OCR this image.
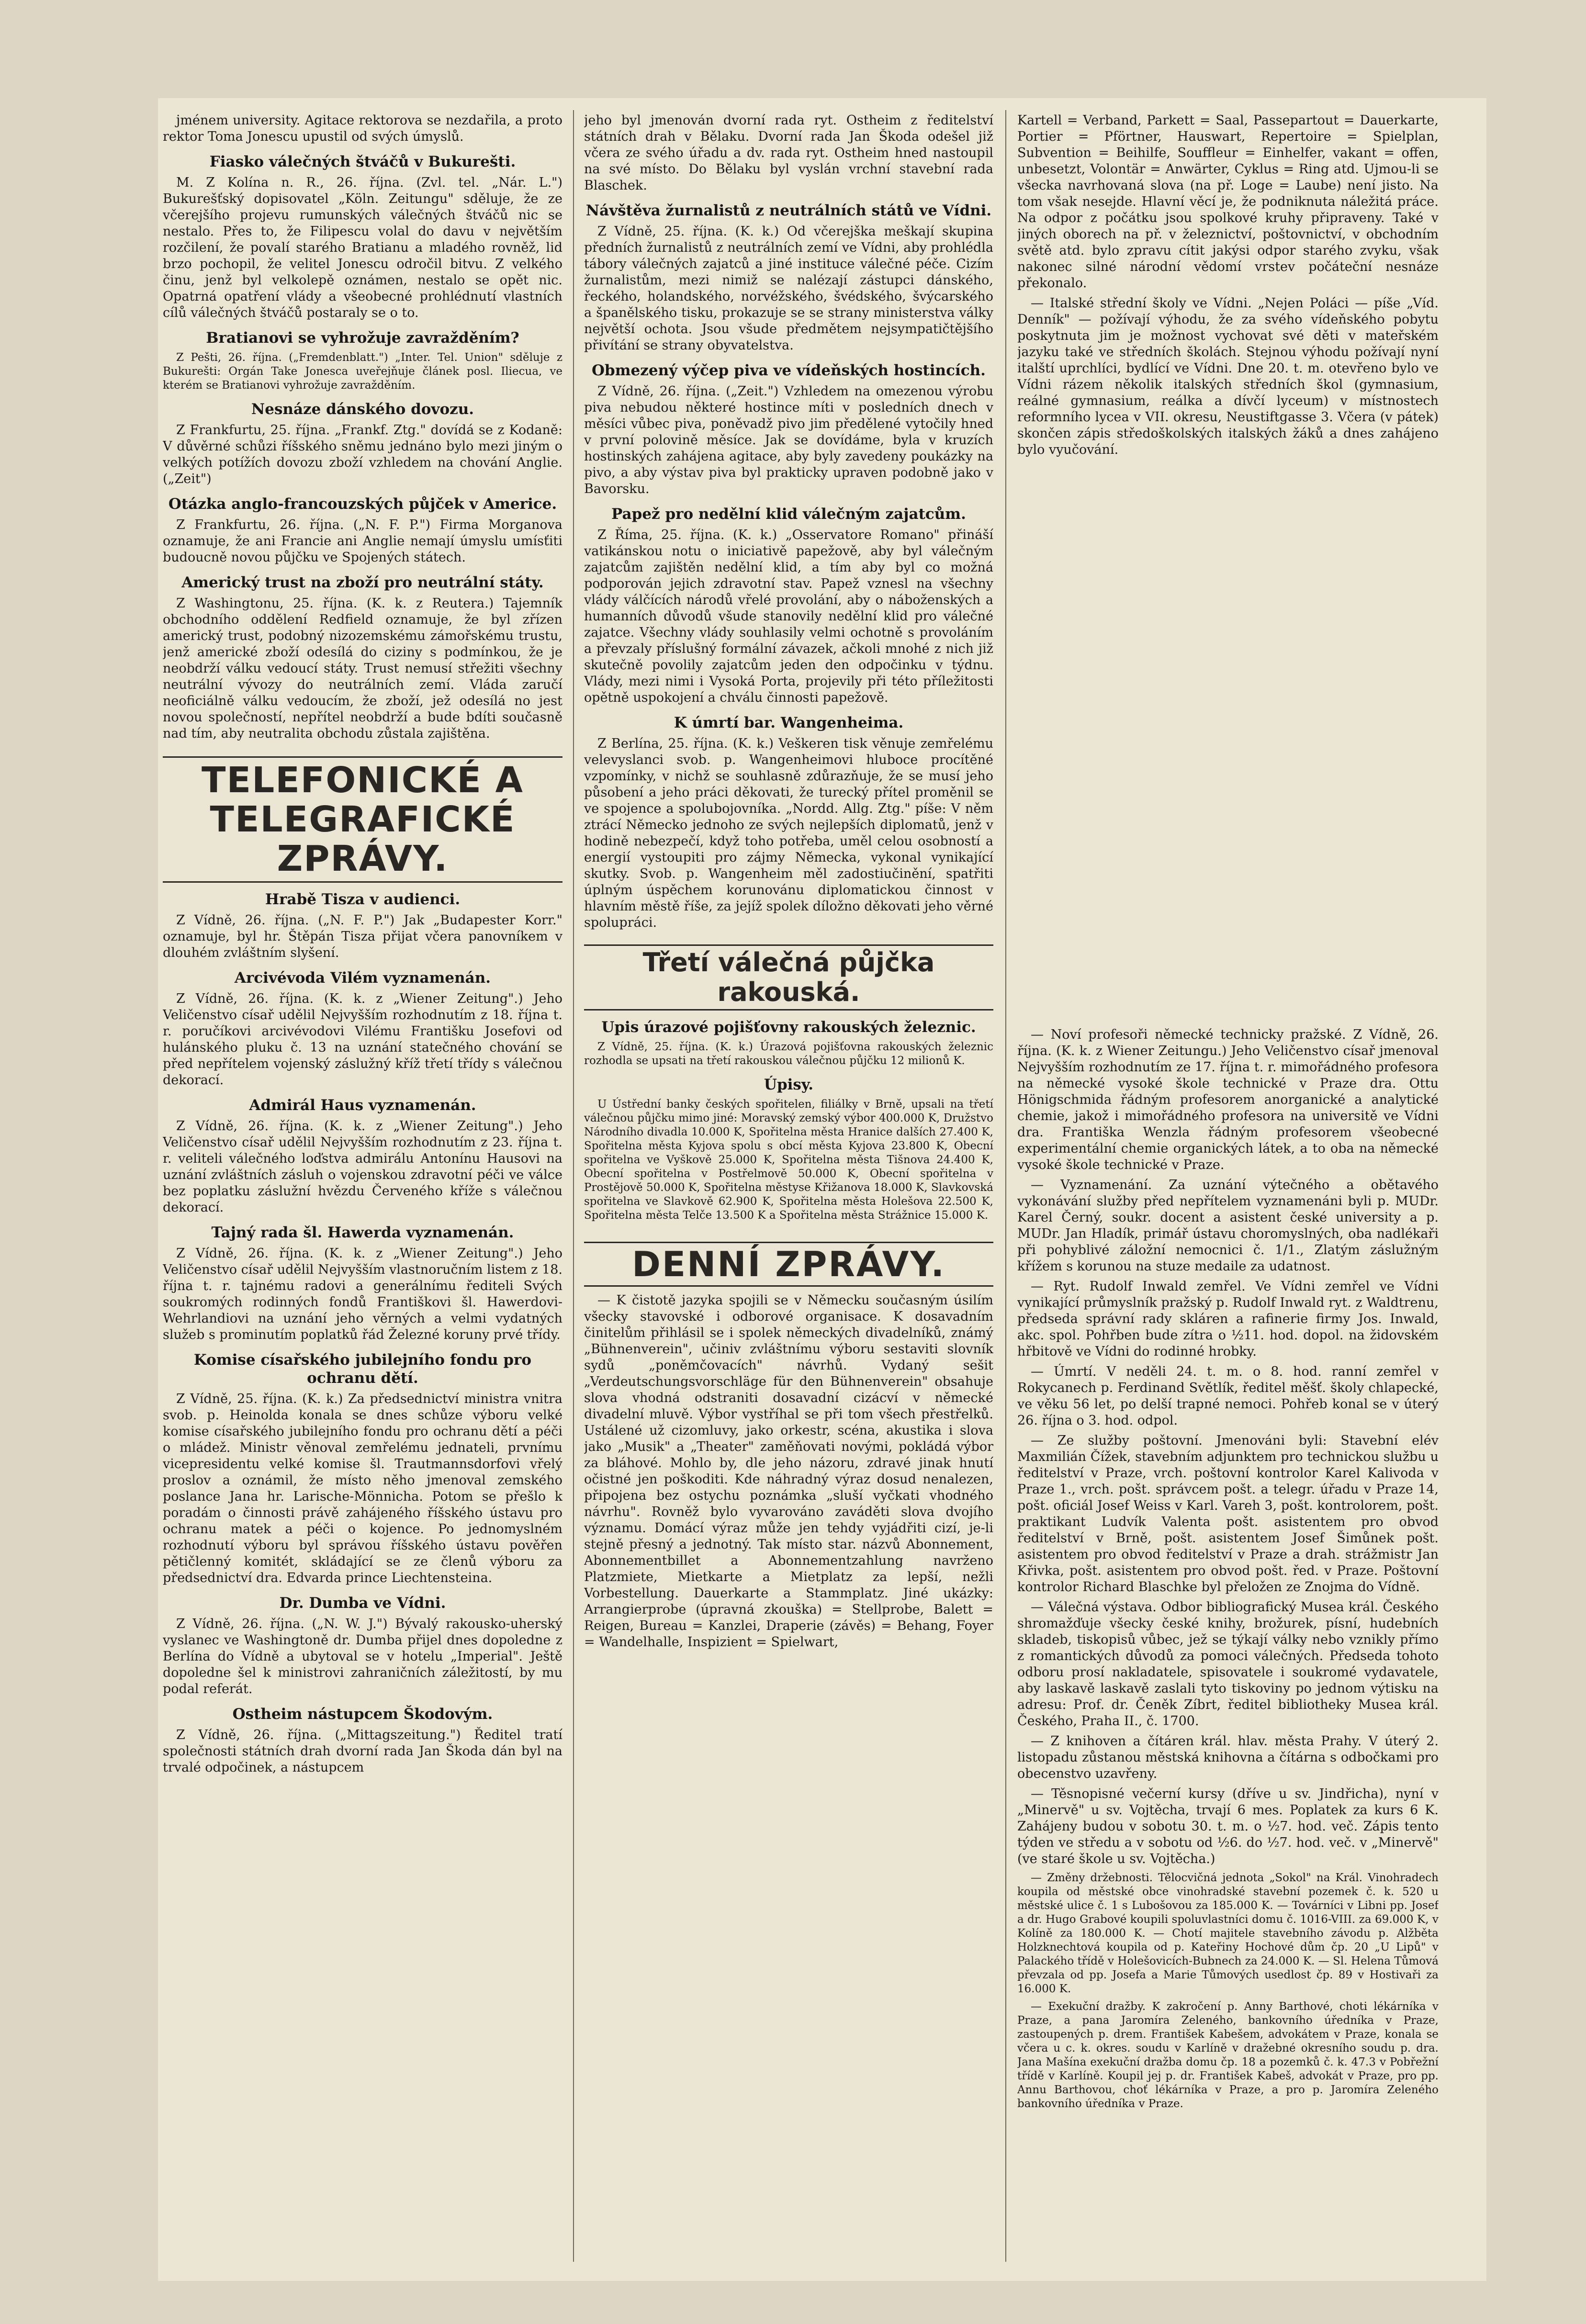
jménem university. Agitace rektorova se nezdařila, a proto rektor Toma Jonescu upustil od svých úmyslů.

Fiasko válečných štváčů v Bukurešti.

M. Z Kolína n. R., 26. října. (Zvl. tel. „Nár. L.") Bukurešťský dopisovatel „Köln. Zeitungu" sděluje, že ze včerejšího projevu rumunských válečných štváčů nic se nestalo. Přes to, že Filipescu volal do davu v největším rozčilení, že povalí starého Bratianu a mladého rovněž, lid brzo pochopil, že velitel Jonescu odročil bitvu. Z velkého činu, jenž byl velkolepě oznámen, nestalo se opět nic. Opatrná opatření vlády a všeobecné prohlédnutí vlastních cílů válečných štváčů postaraly se o to.

Bratianovi se vyhrožuje zavražděním?

Z Pešti, 26. října. („Fremdenblatt.") „Inter. Tel. Union" sděluje z Bukurešti: Orgán Take Jonesca uveřejňuje článek posl. Iliecua, ve kterém se Bratianovi vyhrožuje zavražděním.

Nesnáze dánského dovozu.

Z Frankfurtu, 25. října. „Frankf. Ztg." dovídá se z Kodaně: V důvěrné schůzi říšského sněmu jednáno bylo mezi jiným o velkých potížích dovozu zboží vzhledem na chování Anglie. („Zeit")

Otázka anglo-francouzských půjček v Americe.

Z Frankfurtu, 26. října. („N. F. P.") Firma Morganova oznamuje, že ani Francie ani Anglie nemají úmyslu umísťiti budoucně novou půjčku ve Spojených státech.

Americký trust na zboží pro neutrální státy.

Z Washingtonu, 25. října. (K. k. z Reutera.) Tajemník obchodního oddělení Redfield oznamuje, že byl zřízen americký trust, podobný nizozemskému zámořskému trustu, jenž americké zboží odesílá do ciziny s podmínkou, že je neobdrží válku vedoucí státy. Trust nemusí střežiti všechny neutrální vývozy do neutrálních zemí. Vláda zaručí neoficiálně válku vedoucím, že zboží, jež odesílá no jest novou společností, nepřítel neobdrží a bude bdíti současně nad tím, aby neutralita obchodu zůstala zajištěna.

TELEFONICKÉ A TELEGRAFICKÉ ZPRÁVY.
Hrabě Tisza v audienci.

Z Vídně, 26. října. („N. F. P.") Jak „Budapester Korr." oznamuje, byl hr. Štěpán Tisza přijat včera panovníkem v dlouhém zvláštním slyšení.

Arcivévoda Vilém vyznamenán.

Z Vídně, 26. října. (K. k. z „Wiener Zeitung".) Jeho Veličenstvo císař udělil Nejvyšším rozhodnutím z 18. října t. r. poručíkovi arcivévodovi Vilému Františku Josefovi od hulánského pluku č. 13 na uznání statečného chování se před nepřítelem vojenský záslužný kříž třetí třídy s válečnou dekorací.

Admirál Haus vyznamenán.

Z Vídně, 26. října. (K. k. z „Wiener Zeitung".) Jeho Veličenstvo císař udělil Nejvyšším rozhodnutím z 23. října t. r. veliteli válečného loďstva admirálu Antonínu Hausovi na uznání zvláštních zásluh o vojenskou zdravotní péči ve válce bez poplatku záslužní hvězdu Červeného kříže s válečnou dekorací.

Tajný rada šl. Hawerda vyznamenán.

Z Vídně, 26. října. (K. k. z „Wiener Zeitung".) Jeho Veličenstvo císař udělil Nejvyšším vlastnoručním listem z 18. října t. r. tajnému radovi a generálnímu řediteli Svých soukromých rodinných fondů Františkovi šl. Hawerdovi-Wehrlandiovi na uznání jeho věrných a velmi vydatných služeb s prominutím poplatků řád Železné koruny prvé třídy.

Komise císařského jubilejního fondu pro ochranu dětí.

Z Vídně, 25. října. (K. k.) Za předsednictví ministra vnitra svob. p. Heinolda konala se dnes schůze výboru velké komise císařského jubilejního fondu pro ochranu dětí a péči o mládež. Ministr věnoval zemřelému jednateli, prvnímu vicepresidentu velké komise šl. Trautmannsdorfovi vřelý proslov a oznámil, že místo něho jmenoval zemského poslance Jana hr. Larische-Mönnicha. Potom se přešlo k poradám o činnosti právě zahájeného říšského ústavu pro ochranu matek a péči o kojence. Po jednomyslném rozhodnutí výboru byl správou říšského ústavu pověřen pětičlenný komitét, skládající se ze členů výboru za předsednictví dra. Edvarda prince Liechtensteina.

Dr. Dumba ve Vídni.

Z Vídně, 26. října. („N. W. J.") Bývalý rakousko-uherský vyslanec ve Washingtoně dr. Dumba přijel dnes dopoledne z Berlína do Vídně a ubytoval se v hotelu „Imperial". Ještě dopoledne šel k ministrovi zahraničních záležitostí, by mu podal referát.

Ostheim nástupcem Škodovým.

Z Vídně, 26. října. („Mittagszeitung.") Ředitel tratí společnosti státních drah dvorní rada Jan Škoda dán byl na trvalé odpočinek, a nástupcem

jeho byl jmenován dvorní rada ryt. Ostheim z ředitelství státních drah v Bělaku. Dvorní rada Jan Škoda odešel již včera ze svého úřadu a dv. rada ryt. Ostheim hned nastoupil na své místo. Do Bělaku byl vyslán vrchní stavební rada Blaschek.

Návštěva žurnalistů z neutrálních států ve Vídni.

Z Vídně, 25. října. (K. k.) Od včerejška meškají skupina předních žurnalistů z neutrálních zemí ve Vídni, aby prohlédla tábory válečných zajatců a jiné instituce válečné péče. Cizím žurnalistům, mezi nimiž se nalézají zástupci dánského, řeckého, holandského, norvéžského, švédského, švýcarského a španělského tisku, prokazuje se se strany ministerstva války největší ochota. Jsou všude předmětem nejsympatičtějšího přivítání se strany obyvatelstva.

Obmezený výčep piva ve vídeňských hostincích.

Z Vídně, 26. října. („Zeit.") Vzhledem na omezenou výrobu piva nebudou některé hostince míti v posledních dnech v měsíci vůbec piva, poněvadž pivo jim předělené vytočily hned v první polovině měsíce. Jak se dovídáme, byla v kruzích hostinských zahájena agitace, aby byly zavedeny poukázky na pivo, a aby výstav piva byl prakticky upraven podobně jako v Bavorsku.

Papež pro nedělní klid válečným zajatcům.

Z Říma, 25. října. (K. k.) „Osservatore Romano" přináší vatikánskou notu o iniciativě papežově, aby byl válečným zajatcům zajištěn nedělní klid, a tím aby byl co možná podporován jejich zdravotní stav. Papež vznesl na všechny vlády válčících národů vřelé provolání, aby o náboženských a humanních důvodů všude stanovily nedělní klid pro válečné zajatce. Všechny vlády souhlasily velmi ochotně s provoláním a převzaly příslušný formální závazek, ačkoli mnohé z nich již skutečně povolily zajatcům jeden den odpočinku v týdnu. Vlády, mezi nimi i Vysoká Porta, projevily při této příležitosti opětně uspokojení a chválu činnosti papežově.

K úmrtí bar. Wangenheima.

Z Berlína, 25. října. (K. k.) Veškeren tisk věnuje zemřelému velevyslanci svob. p. Wangenheimovi hluboce procítěné vzpomínky, v nichž se souhlasně zdůrazňuje, že se musí jeho působení a jeho práci děkovati, že turecký přítel proměnil se ve spojence a spolubojovníka. „Nordd. Allg. Ztg." píše: V něm ztrácí Německo jednoho ze svých nejlepších diplomatů, jenž v hodině nebezpečí, když toho potřeba, uměl celou osobností a energií vystoupiti pro zájmy Německa, vykonal vynikající skutky. Svob. p. Wangenheim měl zadostiučinění, spatřiti úplným úspěchem korunovánu diplomatickou činnost v hlavním městě říše, za jejíž spolek díložno děkovati jeho věrné spolupráci.

Třetí válečná půjčka rakouská.
Upis úrazové pojišťovny rakouských železnic.

Z Vídně, 25. října. (K. k.) Úrazová pojišťovna rakouských železnic rozhodla se upsati na třetí rakouskou válečnou půjčku 12 milionů K.

Úpisy.

U Ústřední banky českých spořitelen, filiálky v Brně, upsali na třetí válečnou půjčku mimo jiné: Moravský zemský výbor 400.000 K, Družstvo Národního divadla 10.000 K, Spořitelna města Hranice dalších 27.400 K, Spořitelna města Kyjova spolu s obcí města Kyjova 23.800 K, Obecní spořitelna ve Vyškově 25.000 K, Spořitelna města Tišnova 24.400 K, Obecní spořitelna v Postřelmově 50.000 K, Obecní spořitelna v Prostějově 50.000 K, Spořitelna městyse Křižanova 18.000 K, Slavkovská spořitelna ve Slavkově 62.900 K, Spořitelna města Holešova 22.500 K, Spořitelna města Telče 13.500 K a Spořitelna města Strážnice 15.000 K.

DENNÍ ZPRÁVY.

— K čistotě jazyka spojili se v Německu současným úsilím všecky stavovské i odborové organisace. K dosavadním činitelům přihlásil se i spolek německých divadelníků, známý „Bühnenverein", učiniv zvláštnímu výboru sestaviti slovník sydů „poněmčovacích" návrhů. Vydaný sešit „Verdeutschungsvorschläge für den Bühnenverein" obsahuje slova vhodná odstraniti dosavadní cizácví v německé divadelní mluvě. Výbor vystříhal se při tom všech přestřelků. Ustálené už cizomluvy, jako orkestr, scéna, akustika i slova jako „Musik" a „Theater" zaměňovati novými, pokládá výbor za bláhové. Mohlo by, dle jeho názoru, zdravé jinak hnutí očistné jen poškoditi. Kde náhradný výraz dosud nenalezen, připojena bez ostychu poznámka „sluší vyčkati vhodného návrhu". Rovněž bylo vyvarováno zaváděti slova dvojího významu. Domácí výraz může jen tehdy vyjádřiti cizí, je-li stejně přesný a jednotný. Tak místo star. názvů Abonnement, Abonnementbillet a Abonnementzahlung navrženo Platzmiete, Mietkarte a Mietplatz za lepší, nežli Vorbestellung. Dauerkarte a Stammplatz. Jiné ukázky: Arrangierprobe (úpravná zkouška) = Stellprobe, Balett = Reigen, Bureau = Kanzlei, Draperie (závěs) = Behang, Foyer = Wandelhalle, Inspizient = Spielwart,

Kartell = Verband, Parkett = Saal, Passepartout = Dauerkarte, Portier = Pförtner, Hauswart, Repertoire = Spielplan, Subvention = Beihilfe, Souffleur = Einhelfer, vakant = offen, unbesetzt, Volontär = Anwärter, Cyklus = Ring atd. Ujmou-li se všecka navrhovaná slova (na př. Loge = Laube) není jisto. Na tom však nesejde. Hlavní věcí je, že podniknuta náležitá práce. Na odpor z počátku jsou spolkové kruhy připraveny. Také v jiných oborech na př. v železnictví, poštovnictví, v obchodním světě atd. bylo zpravu cítit jakýsi odpor starého zvyku, však nakonec silné národní vědomí vrstev počáteční nesnáze překonalo.

— Italské střední školy ve Vídni. „Nejen Poláci — píše „Víd. Denník" — požívají výhodu, že za svého vídeňského pobytu poskytnuta jim je možnost vychovat své děti v mateřském jazyku také ve středních školách. Stejnou výhodu požívají nyní italští uprchlíci, bydlící ve Vídni. Dne 20. t. m. otevřeno bylo ve Vídni rázem několik italských středních škol (gymnasium, reálné gymnasium, reálka a dívčí lyceum) v místnostech reformního lycea v VII. okresu, Neustiftgasse 3. Včera (v pátek) skončen zápis středoškolských italských žáků a dnes zahájeno bylo vyučování.

— Noví profesoři německé technicky pražské. Z Vídně, 26. října. (K. k. z Wiener Zeitungu.) Jeho Veličenstvo císař jmenoval Nejvyšším rozhodnutím ze 17. října t. r. mimořádného profesora na německé vysoké škole technické v Praze dra. Ottu Hönigschmida řádným profesorem anorganické a analytické chemie, jakož i mimořádného profesora na universitě ve Vídni dra. Františka Wenzla řádným profesorem všeobecné experimentální chemie organických látek, a to oba na německé vysoké škole technické v Praze.

— Vyznamenání. Za uznání výtečného a obětavého vykonávání služby před nepřítelem vyznamenáni byli p. MUDr. Karel Černý, soukr. docent a asistent české university a p. MUDr. Jan Hladík, primář ústavu choromyslných, oba nadlékaři při pohyblivé záložní nemocnici č. 1/1., Zlatým záslužným křížem s korunou na stuze medaile za udatnost.

— Ryt. Rudolf Inwald zemřel. Ve Vídni zemřel ve Vídni vynikající průmyslník pražský p. Rudolf Inwald ryt. z Waldtrenu, předseda správní rady skláren a rafinerie firmy Jos. Inwald, akc. spol. Pohřben bude zítra o ½11. hod. dopol. na židovském hřbitově ve Vídni do rodinné hrobky.

— Úmrtí. V neděli 24. t. m. o 8. hod. ranní zemřel v Rokycanech p. Ferdinand Světlík, ředitel měšť. školy chlapecké, ve věku 56 let, po delší trapné nemoci. Pohřeb konal se v úterý 26. října o 3. hod. odpol.

— Ze služby poštovní. Jmenováni byli: Stavební elév Maxmilián Čížek, stavebním adjunktem pro technickou službu u ředitelství v Praze, vrch. poštovní kontrolor Karel Kalivoda v Praze 1., vrch. pošt. správcem pošt. a telegr. úřadu v Praze 14, pošt. oficiál Josef Weiss v Karl. Vareh 3, pošt. kontrolorem, pošt. praktikant Ludvík Valenta pošt. asistentem pro obvod ředitelství v Brně, pošt. asistentem Josef Šimůnek pošt. asistentem pro obvod ředitelství v Praze a drah. strážmistr Jan Křivka, pošt. asistentem pro obvod pošt. řed. v Praze. Poštovní kontrolor Richard Blaschke byl přeložen ze Znojma do Vídně.

— Válečná výstava. Odbor bibliografický Musea král. Českého shromažďuje všecky české knihy, brožurek, písní, hudebních skladeb, tiskopisů vůbec, jež se týkají války nebo vznikly přímo z romantických důvodů za pomoci válečných. Předseda tohoto odboru prosí nakladatele, spisovatele i soukromé vydavatele, aby laskavě laskavě zaslali tyto tiskoviny po jednom výtisku na adresu: Prof. dr. Čeněk Zíbrt, ředitel bibliotheky Musea král. Českého, Praha II., č. 1700.

— Z knihoven a čítáren král. hlav. města Prahy. V úterý 2. listopadu zůstanou městská knihovna a čítárna s odbočkami pro obecenstvo uzavřeny.

— Těsnopisné večerní kursy (dříve u sv. Jindřicha), nyní v „Minervě" u sv. Vojtěcha, trvají 6 mes. Poplatek za kurs 6 K. Zahájeny budou v sobotu 30. t. m. o ½7. hod. več. Zápis tento týden ve středu a v sobotu od ½6. do ½7. hod. več. v „Minervě" (ve staré škole u sv. Vojtěcha.)

— Změny držebnosti. Tělocvičná jednota „Sokol" na Král. Vinohradech koupila od městské obce vinohradské stavební pozemek č. k. 520 u městské ulice č. 1 s Lubošovou za 185.000 K. — Továrníci v Libni pp. Josef a dr. Hugo Grabové koupili spoluvlastníci domu č. 1016-VIII. za 69.000 K, v Kolíně za 180.000 K. — Chotí majitele stavebního závodu p. Alžběta Holzknechtová koupila od p. Kateřiny Hochové dům čp. 20 „U Lipů" v Palackého třídě v Holešovicích-Bubnech za 24.000 K. — Sl. Helena Tůmová převzala od pp. Josefa a Marie Tůmových usedlost čp. 89 v Hostivaři za 16.000 K.

— Exekuční dražby. K zakročení p. Anny Barthové, choti lékárníka v Praze, a pana Jaromíra Zeleného, bankovního úředníka v Praze, zastoupených p. drem. František Kabešem, advokátem v Praze, konala se včera u c. k. okres. soudu v Karlíně v dražebné okresního soudu p. dra. Jana Mašína exekuční dražba domu čp. 18 a pozemků č. k. 47.3 v Pobřežní třídě v Karlíně. Koupil jej p. dr. František Kabeš, advokát v Praze, pro pp. Annu Barthovou, choť lékárníka v Praze, a pro p. Jaromíra Zeleného bankovního úředníka v Praze.
